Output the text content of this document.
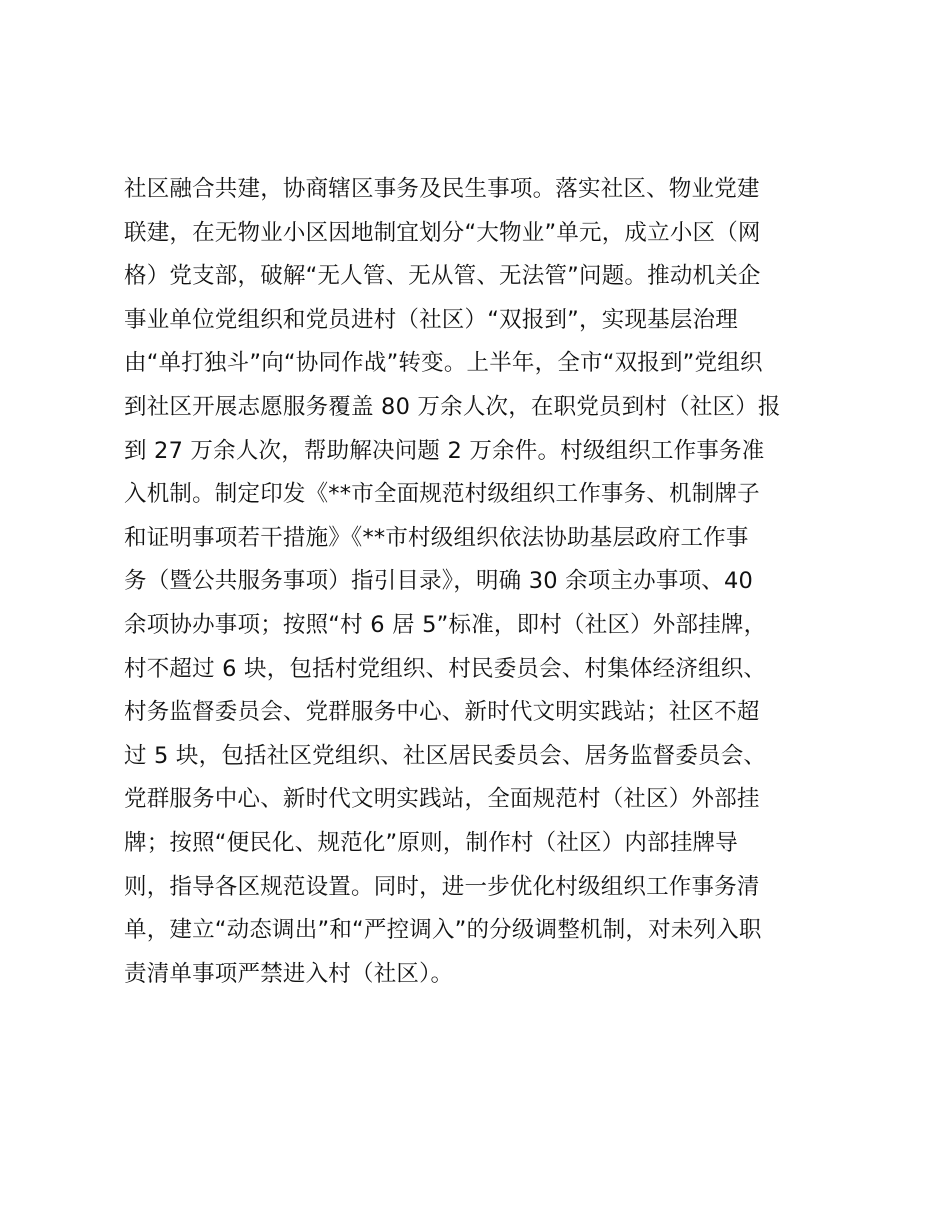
社区融合共建，协商辖区事务及民生事项。落实社区、物业党建
联建，在无物业小区因地制宜划分“大物业”单元，成立小区（网
格）党支部，破解“无人管、无从管、无法管”问题。推动机关企
事业单位党组织和党员进村（社区）“双报到”，实现基层治理
由“单打独斗”向“协同作战”转变。上半年，全市“双报到”党组织
到社区开展志愿服务覆盖 80 万余人次，在职党员到村（社区）报
到 27 万余人次，帮助解决问题 2 万余件。村级组织工作事务准
入机制。制定印发《**市全面规范村级组织工作事务、机制牌子
和证明事项若干措施》《**市村级组织依法协助基层政府工作事
务（暨公共服务事项）指引目录》，明确 30 余项主办事项、40
余项协办事项；按照“村 6 居 5”标准，即村（社区）外部挂牌，
村不超过 6 块，包括村党组织、村民委员会、村集体经济组织、
村务监督委员会、党群服务中心、新时代文明实践站；社区不超
过 5 块，包括社区党组织、社区居民委员会、居务监督委员会、
党群服务中心、新时代文明实践站，全面规范村（社区）外部挂
牌；按照“便民化、规范化”原则，制作村（社区）内部挂牌导
则，指导各区规范设置。同时，进一步优化村级组织工作事务清
单，建立“动态调出”和“严控调入”的分级调整机制，对未列入职
责清单事项严禁进入村（社区）。
